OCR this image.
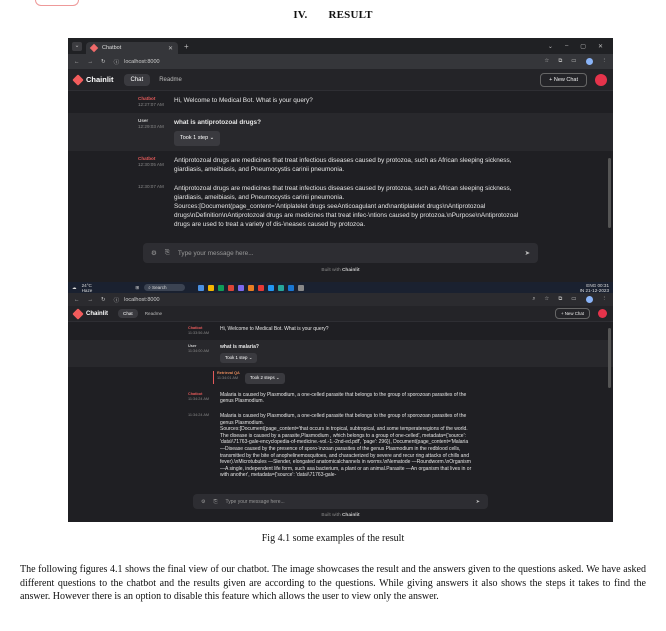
IV. RESULT
⌄	Chatbot	✕ +	⌄ – ▢ ✕
← → ↻ ⓘ localhost:8000	☆ ⧉ ▭	⋮
Chainlit	Chat	Readme	+ New Chat
Chatbot
12:27:07 AM
Hi, Welcome to Medical Bot. What is your query?
User
12:29:03 AM
what is antiprotozoal drugs?
Took 1 step ⌄
Chatbot
12:30:05 AM
Antiprotozoal drugs are medicines that treat infectious diseases caused by protozoa, such as African sleeping sickness, giardiasis, ameibiasis, and Pneumocystis carinii pneumonia.
12:30:07 AM	Antiprotozoal drugs are medicines that treat infectious diseases caused by protozoa, such as African sleeping sickness, giardiasis, ameibiasis, and Pneumocystis carinii pneumonia.
Sources:[Document(page_content='Antiplatelet drugs seeAnticoagulant and\nantiplatelet drugs\nAntiprotozoal drugs\nDefinition\nAntiprotozoal drugs are medicines that treat infec-\ntions caused by protozoa.\nPurpose\nAntiprotozoal drugs are used to treat a variety of dis-\neases caused by protozoa.
⚙ ⎘ Type your message here...	➤
Built with Chainlit
☁ 24°C
Haze
⊞	⌕ Search	ENG 00:31
IN 21-12-2023
← → ↻ ⓘ localhost:8000	⌕ ☆ ⧉ ▭	⋮
Chainlit	Chat	Readme	+ New Chat
Chatbot
11:33:56 AM
Hi, Welcome to Medical Bot. What is your query?
User
11:34:00 AM
what is malaria?
Took 1 step ⌄
Retrieval QA
11:34:01 AM	Took 2 steps ⌄
Chatbot
11:34:24 AM
Malaria is caused by Plasmodium, a one-celled parasite that belongs to the group of sporozoan parasites of the genus Plasmodium.
11:34:24 AM	Malaria is caused by Plasmodium, a one-celled parasite that belongs to the group of sporozoan parasites of the genus Plasmodium.
Sources:[Document(page_content='that occurs in tropical, subtropical, and some temperateregions of the world. The disease is caused by a parasite,Plasmodium , which belongs to a group of one-celled', metadata={'source': 'data\\71763-gale-encyclopedia-of-medicine.-vol.-1.-2nd-ed.pdf', 'page': 296}), Document(page_content='Malaria —Disease caused by the presence of sporo-\nzoan parasites of the genus Plasmodium in the redblood cells, transmitted by the bite of anophelinemosquitoes, and characterized by severe and recur ring attacks of chills and fever).\nMicrotubules —Slender, elongated anatomicalchannels in worms.\nNematode —Roundworm.\nOrganism —A single, independent life form, such asa bacterium, a plant or an animal.Parasite —An organism that lives in or with another', metadata={'source': 'data\\71763-gale-
⚙ ⎘ Type your message here...	➤
Built with Chainlit
Fig 4.1 some examples of the result

The following figures 4.1 shows the final view of our chatbot. The image showcases the result and the answers given to the questions asked. We have asked different questions to the chatbot and the results given are according to the questions. While giving answers it also shows the steps it takes to find the answer. However there is an option to disable this feature which allows the user to view only the answer.
